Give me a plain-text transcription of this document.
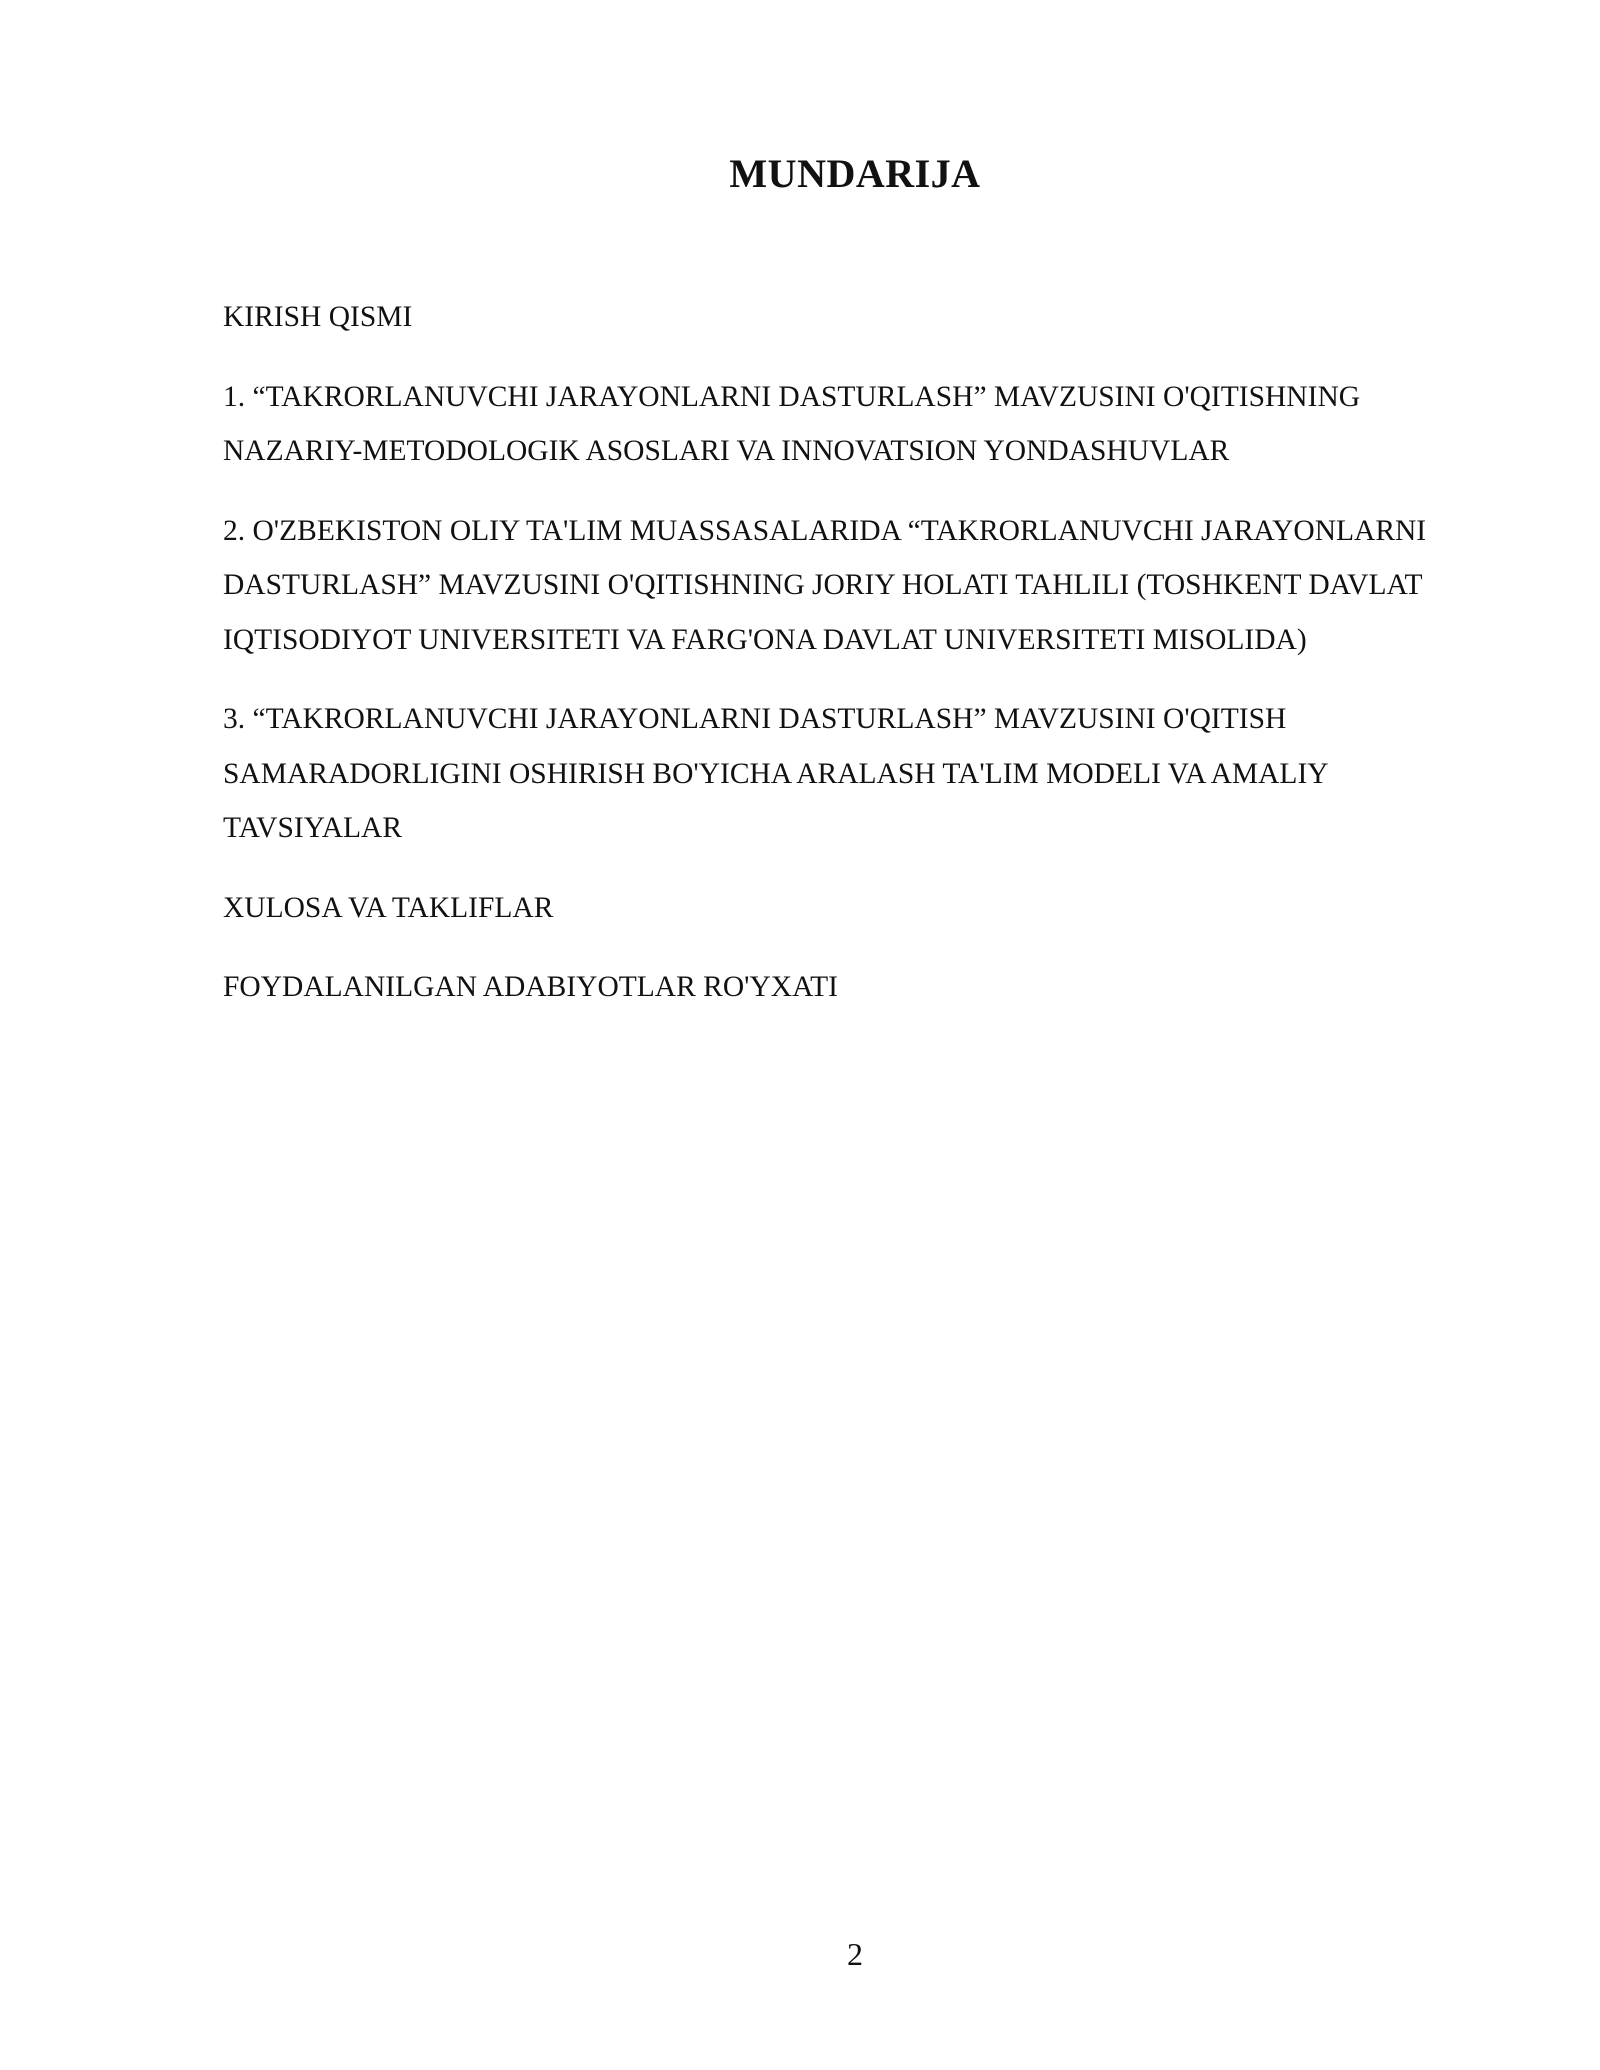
MUNDARIJA
KIRISH QISMI
1. “TAKRORLANUVCHI JARAYONLARNI DASTURLASH” MAVZUSINI O'QITISHNING NAZARIY-METODOLOGIK ASOSLARI VA INNOVATSION YONDASHUVLAR
2. O'ZBEKISTON OLIY TA'LIM MUASSASALARIDA “TAKRORLANUVCHI JARAYONLARNI DASTURLASH” MAVZUSINI O'QITISHNING JORIY HOLATI TAHLILI (TOSHKENT DAVLAT IQTISODIYOT UNIVERSITETI VA FARG'ONA DAVLAT UNIVERSITETI MISOLIDA)
3. “TAKRORLANUVCHI JARAYONLARNI DASTURLASH” MAVZUSINI O'QITISH SAMARADORLIGINI OSHIRISH BO'YICHA ARALASH TA'LIM MODELI VA AMALIY TAVSIYALAR
XULOSA VA TAKLIFLAR
FOYDALANILGAN ADABIYOTLAR RO'YXATI
2
